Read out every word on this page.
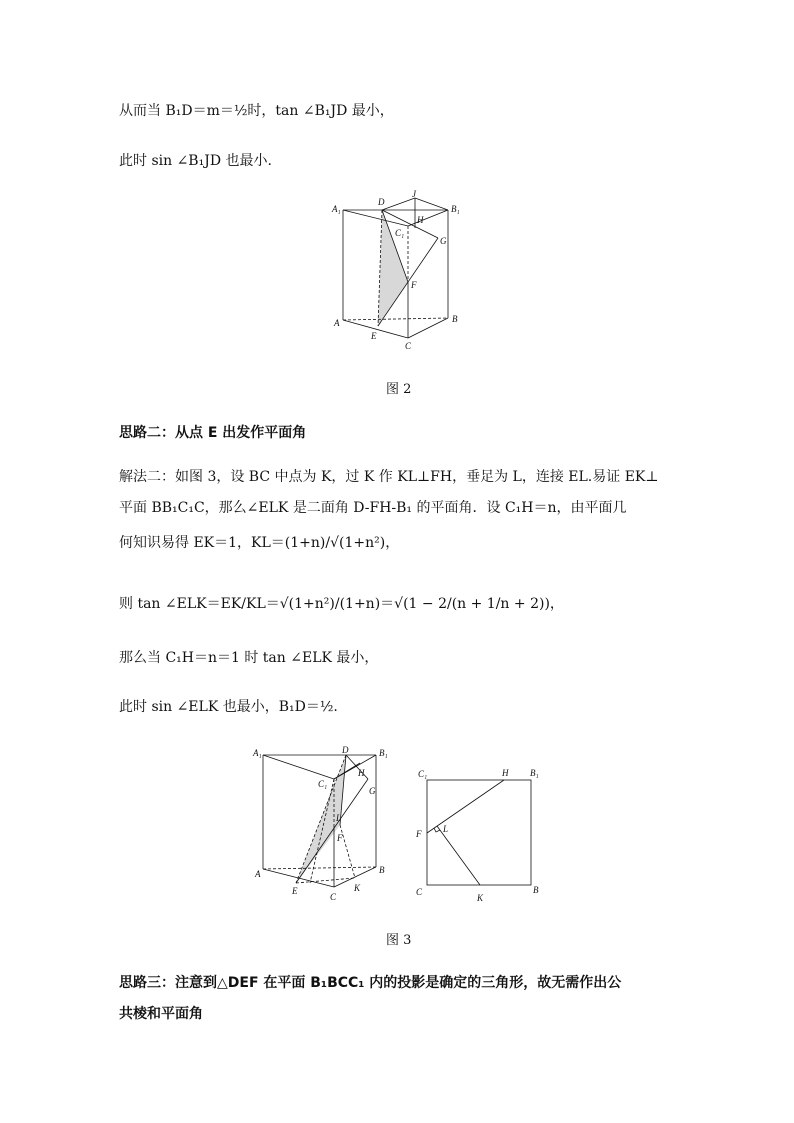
从而当 B₁D＝m＝½时，tan ∠B₁JD 最小，
此时 sin ∠B₁JD 也最小.
A₁
D
J
B₁
H
C₁
G
F
A	B
E
C
图 2
思路二：从点 E 出发作平面角
解法二：如图 3，设 BC 中点为 K，过 K 作 KL⊥FH，垂足为 L，连接 EL.易证 EK⊥
平面 BB₁C₁C，那么∠ELK 是二面角 D-FH-B₁ 的平面角．设 C₁H＝n，由平面几
何知识易得 EK＝1，KL＝(1+n)/√(1+n²)，
则 tan ∠ELK＝EK/KL＝√(1+n²)/(1+n)＝√(1 − 2/(n + 1/n + 2))，
那么当 C₁H＝n＝1 时 tan ∠ELK 最小，
此时 sin ∠ELK 也最小，B₁D＝½.
A₁	D	B₁
H
C₁
G
L
F
A	B
E	K
C
C₁	H B₁
F L
C
K
B
图 3
思路三：注意到△DEF 在平面 B₁BCC₁ 内的投影是确定的三角形，故无需作出公
共棱和平面角
